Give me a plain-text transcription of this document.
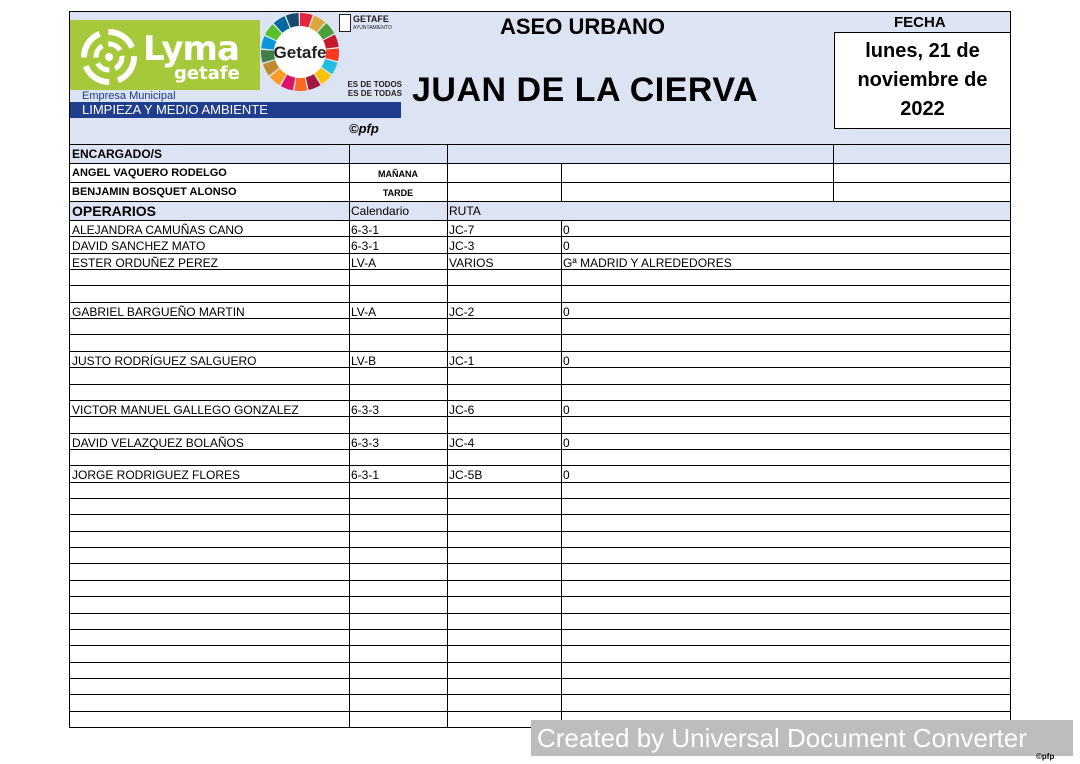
Lyma
getafe
Empresa Municipal
LIMPIEZA Y MEDIO AMBIENTE
Getafe
GETAFE
AYUNTAMIENTO
ES DE TODOS
ES DE TODAS
©pfp
ASEO URBANO
JUAN DE LA CIERVA
FECHA
lunes, 21 de
noviembre de
2022
ENCARGADO/S
ANGEL VAQUERO RODELGO	MAÑANA
BENJAMIN BOSQUET ALONSO	TARDE
OPERARIOS	Calendario	RUTA
ALEJANDRA CAMUÑAS CANO	6-3-1	JC-7	0
DAVID SANCHEZ MATO	6-3-1	JC-3	0
ESTER ORDUÑEZ PEREZ	LV-A	VARIOS	Gª MADRID Y ALREDEDORES
GABRIEL BARGUEÑO MARTIN	LV-A	JC-2	0
JUSTO RODRÍGUEZ SALGUERO	LV-B	JC-1	0
VICTOR MANUEL GALLEGO GONZALEZ	6-3-3	JC-6	0
DAVID VELAZQUEZ BOLAÑOS	6-3-3	JC-4	0
JORGE RODRIGUEZ FLORES	6-3-1	JC-5B	0
Created by Universal Document Converter
©pfp
